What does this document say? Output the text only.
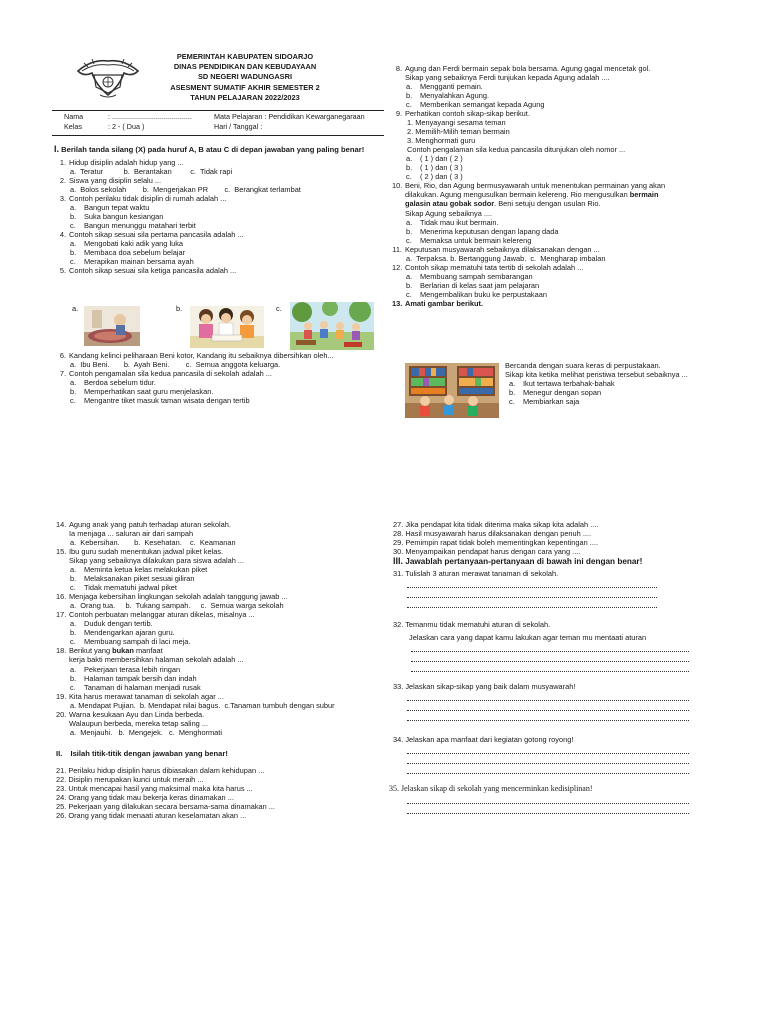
PEMERINTAH KABUPATEN SIDOARJO
DINAS PENDIDIKAN DAN KEBUDAYAAN
SD NEGERI WADUNGASRI
ASESMENT SUMATIF AKHIR SEMESTER 2
TAHUN PELAJARAN 2022/2023
Nama	: ........................................	Mata Pelajaran : Pendidikan Kewarganegaraan
Kelas	: 2 - ( Dua )	Hari / Tanggal :
I. Berilah tanda silang (X) pada huruf A, B atau C di depan jawaban yang paling benar!
1. Hidup disiplin adalah hidup yang ...
a.  Teratur          b.  Berantakan         c.  Tidak rapi
2. Siswa yang disiplin selalu ...
a.  Bolos sekolah        b.  Mengerjakan PR        c.  Berangkat terlambat
3. Contoh perilaku tidak disiplin di rumah adalah ...
a.	Bangun tepat waktu
b.	Suka bangun kesiangan
c.	Bangun menunggu matahari terbit
4. Contoh sikap sesuai sila pertama pancasila adalah ...
a.	Mengobati kaki adik yang luka
b.	Membaca doa sebelum belajar
c.	Merapikan mainan bersama ayah
5. Contoh sikap sesuai sila ketiga pancasila adalah ...
a.	b.	c.
6. Kandang kelinci peliharaan Beni kotor, Kandang itu sebaiknya dibersihkan oleh...
a.  Ibu Beni.       b.  Ayah Beni.        c.  Semua anggota keluarga.
7. Contoh pengamalan sila kedua pancasila di sekolah adalah ...
a.	Berdoa sebelum tidur.
b.	Memperhatikan saat guru menjelaskan.
c.	Mengantre tiket masuk taman wisata dengan tertib
8. Agung dan Ferdi bermain sepak bola bersama. Agung gagal mencetak gol.
Sikap yang sebaiknya Ferdi tunjukan kepada Agung adalah ....
a.	Mengganti pemain.
b.	Menyalahkan Agung.
c.	Memberikan semangat kepada Agung
9. Perhatikan contoh sikap-sikap berikut.
1. Menyayangi sesama teman
2. Memilih-Milih teman bermain
3. Menghormati guru
Contoh pengalaman sila kedua pancasila ditunjukan oleh nomor ...
a.	( 1 ) dan ( 2 )
b.	( 1 ) dan ( 3 )
c.	( 2 ) dan ( 3 )
10. Beni, Rio, dan Agung bermusyawarah untuk menentukan permainan yang akan
dilakukan. Agung mengusulkan bermain kelereng. Rio mengusulkan bermain
galasin atau gobak sodor. Beni setuju dengan usulan Rio.
Sikap Agung sebaiknya ....
a.	Tidak mau ikut bermain.
b.	Menerima keputusan dengan lapang dada
c.	Memaksa untuk bermain kelereng
11. Keputusan musyawarah sebaiknya dilaksanakan dengan ...
a.  Terpaksa. b. Bertanggung Jawab.  c.  Mengharap imbalan
12. Contoh sikap mematuhi tata tertib di sekolah adalah ...
a.	Membuang sampah sembarangan
b.	Berlarian di kelas saat jam pelajaran
c.	Mengembalikan buku ke perpustakaan
13. Amati gambar berikut.
Bercanda dengan suara keras di perpustakaan.
Sikap kita ketika melihat peristiwa tersebut sebaiknya ...
a.	Ikut tertawa terbahak-bahak
b.	Menegur dengan sopan
c.	Membiarkan saja
14. Agung anak yang patuh terhadap aturan sekolah.
Ia menjaga ... saluran air dari sampah
a.  Kebersihan.       b.  Kesehatan.    c.  Keamanan
15. Ibu guru sudah menentukan jadwal piket kelas.
Sikap yang sebaiknya dilakukan para siswa adalah ...
a.	Meminta ketua kelas melakukan piket
b.	Melaksanakan piket sesuai giliran
c.	Tidak mematuhi jadwal piket
16. Menjaga kebersihan lingkungan sekolah adalah tanggung jawab ...
a.  Orang tua.     b.  Tukang sampah.     c.  Semua warga sekolah
17. Contoh perbuatan melanggar aturan dikelas, misalnya ...
a.	Duduk dengan tertib.
b.	Mendengarkan ajaran guru.
c.	Membuang sampah di laci meja.
18. Berikut yang bukan manfaat
kerja bakti membersihkan halaman sekolah adalah ...
a.	Pekerjaan terasa lebih ringan
b.	Halaman tampak bersih dan indah
c.	Tanaman di halaman menjadi rusak
19. Kita harus merawat tanaman di sekolah agar ...
a. Mendapat Pujian.  b. Mendapat nilai bagus.  c.Tanaman tumbuh dengan subur
20. Warna kesukaan Ayu dan Linda berbeda.
Walaupun berbeda, mereka tetap saling ...
a.  Menjauhi.   b.  Mengejek.   c.  Menghormati
II. Isilah titik-titik dengan jawaban yang benar!
21. Perilaku hidup disiplin harus dibiasakan dalam kehidupan ...
22. Disiplin merupakan kunci untuk meraih ...
23. Untuk mencapai hasil yang maksimal maka kita harus ...
24. Orang yang tidak mau bekerja keras dinamakan ...
25. Pekerjaan yang dilakukan secara bersama-sama dinamakan ...
26. Orang yang tidak menaati aturan keselamatan akan ...
27. Jika pendapat kita tidak diterima maka sikap kita adalah ....
28. Hasil musyawarah harus dilaksanakan dengan penuh ....
29. Pemimpin rapat tidak boleh mementingkan kepentingan ....
30. Menyampaikan pendapat harus dengan cara yang ....
III. Jawablah pertanyaan-pertanyaan di bawah ini dengan benar!
31. Tulislah 3 aturan merawat tanaman di sekolah.
32. Temanmu tidak mematuhi aturan di sekolah.
Jelaskan cara yang dapat kamu lakukan agar teman mu mentaati aturan
33. Jelaskan sikap-sikap yang baik dalam musyawarah!
34. Jelaskan apa manfaat dari kegiatan gotong royong!
35. Jelaskan sikap di sekolah yang mencerminkan kedisiplinan!
